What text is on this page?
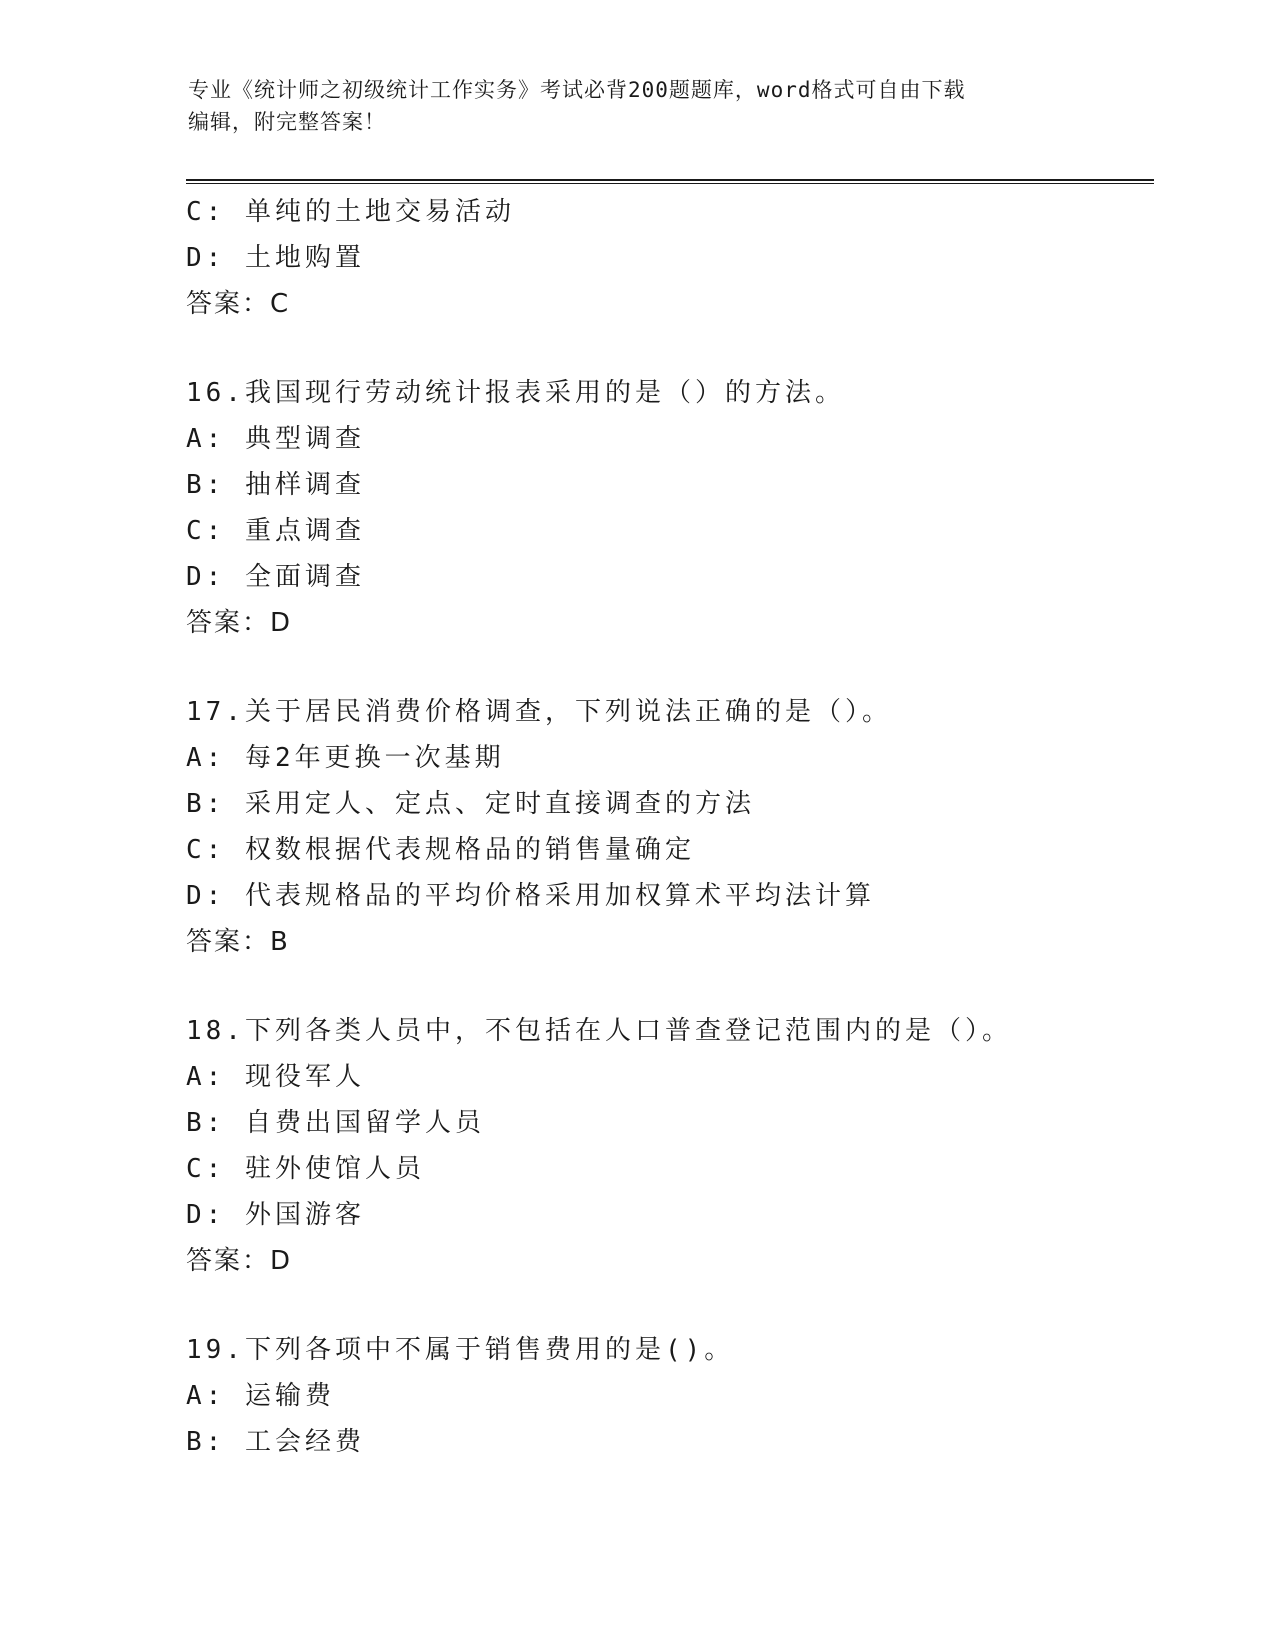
专业《统计师之初级统计工作实务》考试必背200题题库，word格式可自由下载
编辑，附完整答案！
C: 单纯的土地交易活动
D: 土地购置
答案：C
16.我国现行劳动统计报表采用的是（）的方法。
A: 典型调查
B: 抽样调查
C: 重点调查
D: 全面调查
答案：D
17.关于居民消费价格调查，下列说法正确的是（）。
A: 每2年更换一次基期
B: 采用定人、定点、定时直接调查的方法
C: 权数根据代表规格品的销售量确定
D: 代表规格品的平均价格采用加权算术平均法计算
答案：B
18.下列各类人员中，不包括在人口普查登记范围内的是（）。
A: 现役军人
B: 自费出国留学人员
C: 驻外使馆人员
D: 外国游客
答案：D
19.下列各项中不属于销售费用的是()。
A: 运输费
B: 工会经费
